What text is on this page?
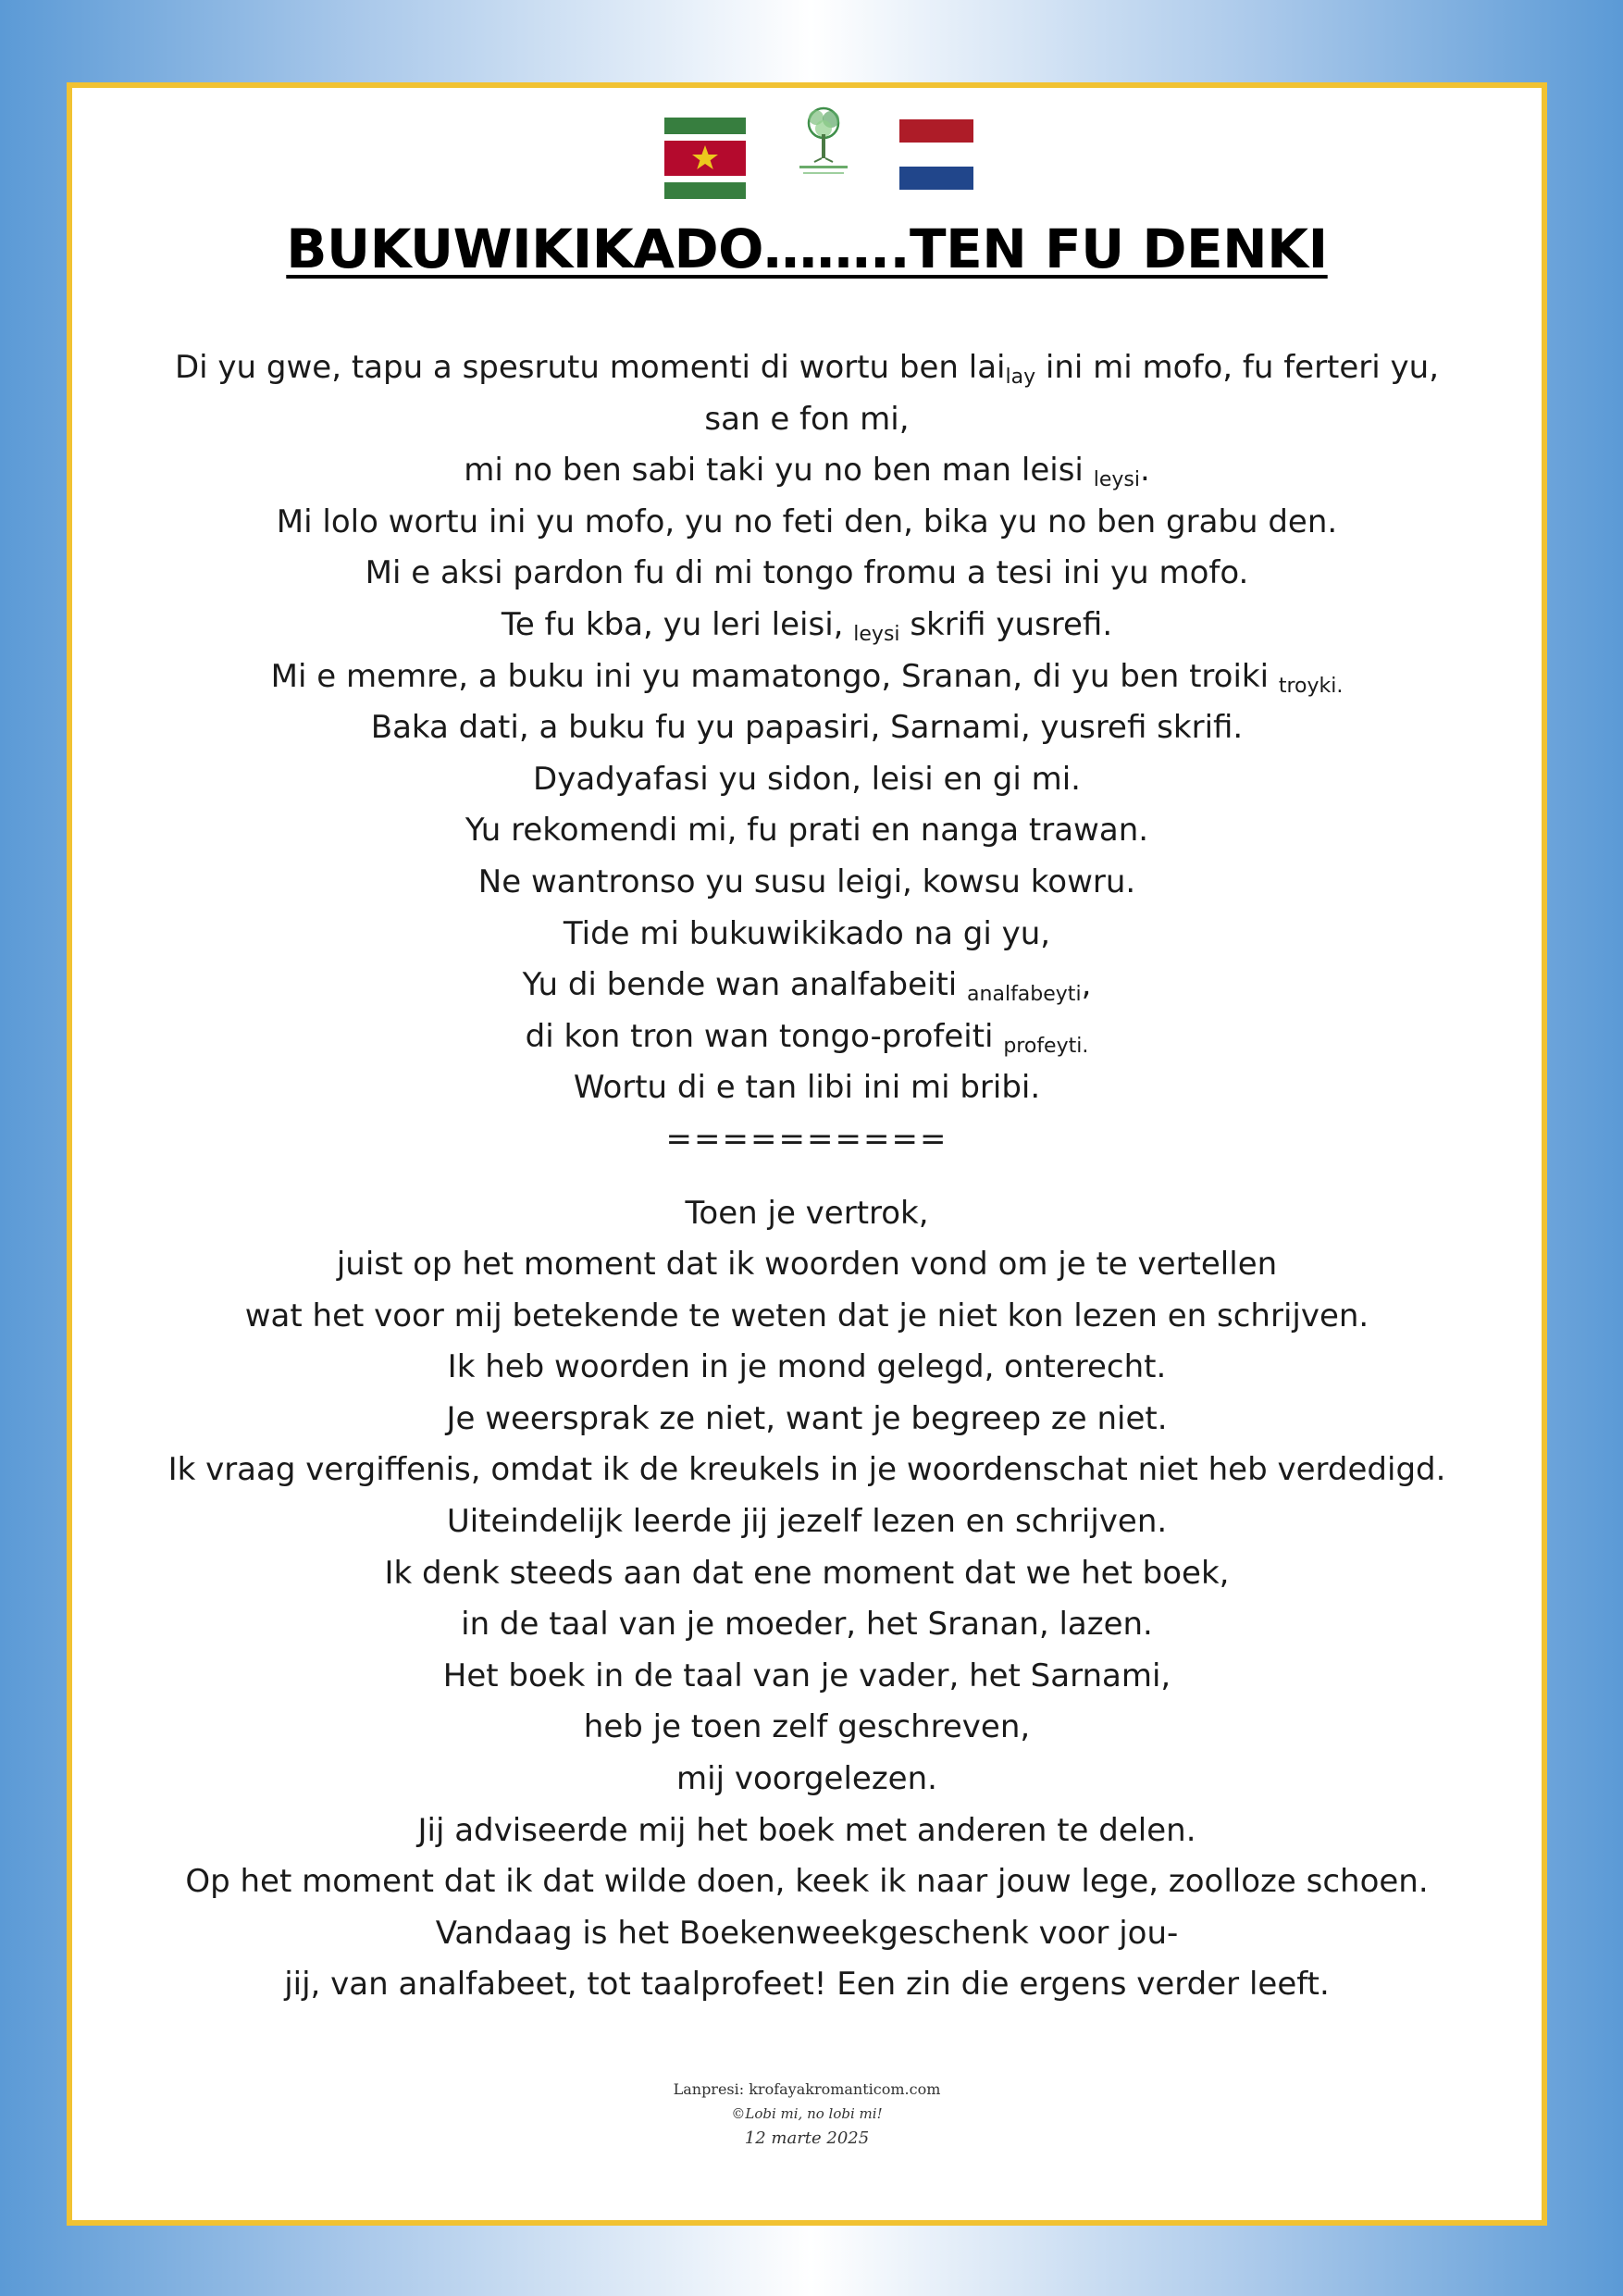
BUKUWIKIKADO……..TEN FU DENKI
Di yu gwe, tapu a spesrutu momenti di wortu ben lai$_{lay}$ ini mi mofo, fu ferteri yu,
san e fon mi,
mi no ben sabi taki yu no ben man leisi $_{leysi}$.
Mi lolo wortu ini yu mofo, yu no feti den, bika yu no ben grabu den.
Mi e aksi pardon fu di mi tongo fromu a tesi ini yu mofo.
Te fu kba, yu leri leisi, $_{leysi}$ skrifi yusrefi.
Mi e memre, a buku ini yu mamatongo, Sranan, di yu ben troiki $_{troyki.}$
Baka dati, a buku fu yu papasiri, Sarnami, yusrefi skrifi.
Dyadyafasi yu sidon, leisi en gi mi.
Yu rekomendi mi, fu prati en nanga trawan.
Ne wantronso yu susu leigi, kowsu kowru.
Tide mi bukuwikikado na gi yu,
Yu di bende wan analfabeiti $_{analfabeyti}$,
di kon tron wan tongo-profeiti $_{profeyti.}$
Wortu di e tan libi ini mi bribi.
==========
Toen je vertrok,
juist op het moment dat ik woorden vond om je te vertellen
wat het voor mij betekende te weten dat je niet kon lezen en schrijven.
Ik heb woorden in je mond gelegd, onterecht.
Je weersprak ze niet, want je begreep ze niet.
Ik vraag vergiffenis, omdat ik de kreukels in je woordenschat niet heb verdedigd.
Uiteindelijk leerde jij jezelf lezen en schrijven.
Ik denk steeds aan dat ene moment dat we het boek,
in de taal van je moeder, het Sranan, lazen.
Het boek in de taal van je vader, het Sarnami,
heb je toen zelf geschreven,
mij voorgelezen.
Jij adviseerde mij het boek met anderen te delen.
Op het moment dat ik dat wilde doen, keek ik naar jouw lege, zoolloze schoen.
Vandaag is het Boekenweekgeschenk voor jou-
jij, van analfabeet, tot taalprofeet! Een zin die ergens verder leeft.
Lanpresi: krofayakromanticom.com
©Lobi mi, no lobi mi!
12 marte 2025
